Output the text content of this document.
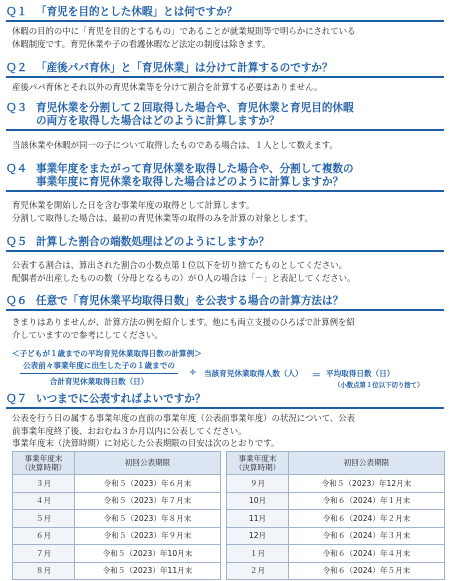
Ｑ１ 「育児を目的とした休暇」とは何ですか？
休暇の目的の中に「育児を目的とするもの」であることが就業規則等で明らかにされている
休暇制度です。育児休業や子の看護休暇など法定の制度は除きます。
Ｑ２ 「産後パパ育休」と「育児休業」は分けて計算するのですか？
産後パパ育休とそれ以外の育児休業等を分けて割合を計算する必要はありません。
Ｑ３ 育児休業を分割して２回取得した場合や、育児休業と育児目的休暇
の両方を取得した場合はどのように計算しますか？
当該休業や休暇が同一の子について取得したものである場合は、１人として数えます。
Ｑ４ 事業年度をまたがって育児休業を取得した場合や、分割して複数の
事業年度に育児休業を取得した場合はどのように計算しますか？
育児休業を開始した日を含む事業年度の取得として計算します。
分割して取得した場合は、最初の育児休業等の取得のみを計算の対象とします。
Ｑ５ 計算した割合の端数処理はどのようにしますか？
公表する割合は、算出された割合の小数点第１位以下を切り捨てたものとしてください。
配偶者が出産したものの数（分母となるもの）が０人の場合は「－」と表記してください。
Ｑ６ 任意で「育児休業平均取得日数」を公表する場合の計算方法は？
きまりはありませんが、計算方法の例を紹介します。他にも両立支援のひろばで計算例を紹
介していますので参考にしてください。
＜子どもが１歳までの平均育児休業取得日数の計算例＞
公表前々事業年度に出生した子の１歳までの
合計育児休業取得日数（日）
÷ 当該育児休業取得人数（人） ＝ 平均取得日数（日）
（小数点第１位以下切り捨て）
Ｑ７ いつまでに公表すればよいですか？
公表を行う日の属する事業年度の直前の事業年度（公表前事業年度）の状況について、公表
前事業年度終了後、おおむね３か月以内に公表してください。
事業年度末（決算時期）に対応した公表期限の目安は次のとおりです。
事業年度末
（決算時期）	初回公表期限		事業年度末
（決算時期）	初回公表期限
３月	令和５（2023）年６月末		９月	令和５（2023）年12月末
４月	令和５（2023）年７月末		10月	令和６（2024）年１月末
５月	令和５（2023）年８月末		11月	令和６（2024）年２月末
６月	令和５（2023）年９月末		12月	令和６（2024）年３月末
７月	令和５（2023）年10月末		１月	令和６（2024）年４月末
８月	令和５（2023）年11月末		２月	令和６（2024）年５月末
